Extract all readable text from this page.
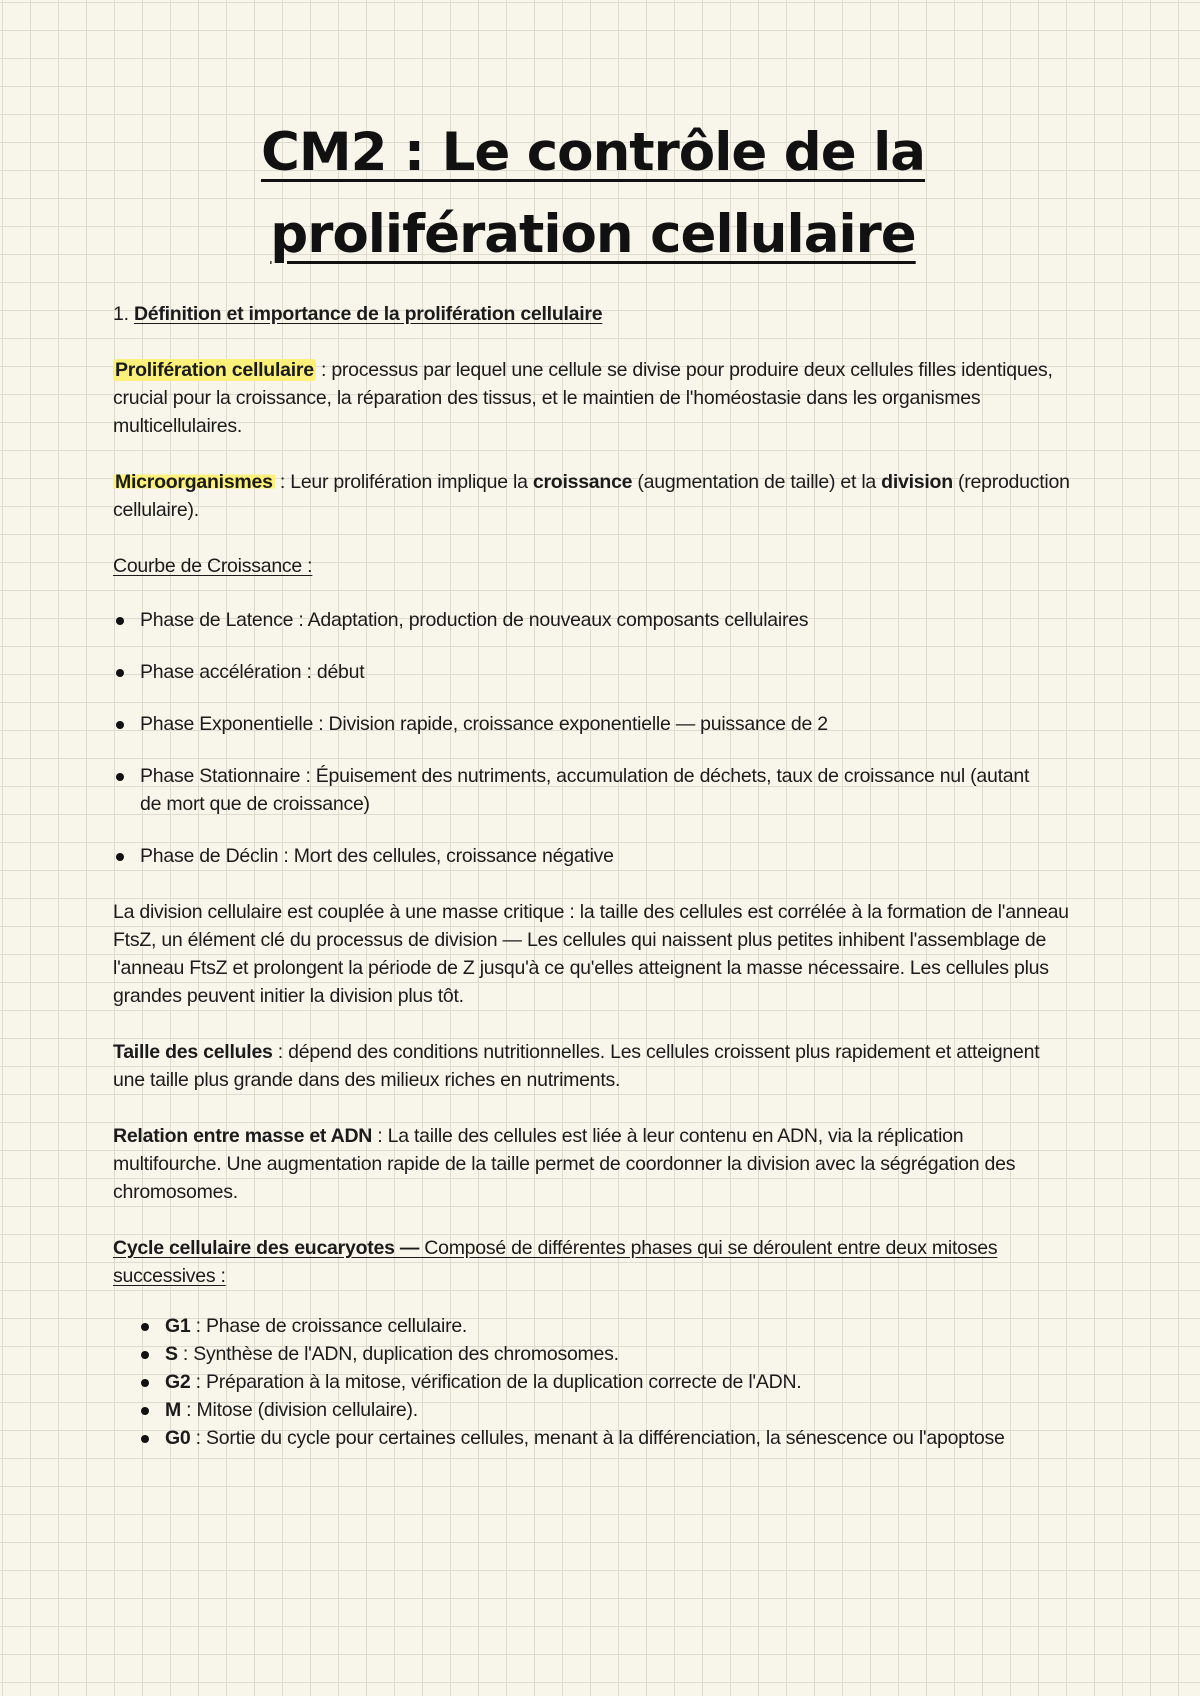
CM2 : Le contrôle de la
prolifération cellulaire

1. Définition et importance de la prolifération cellulaire

Prolifération cellulaire : processus par lequel une cellule se divise pour produire deux cellules filles identiques, crucial pour la croissance, la réparation des tissus, et le maintien de l'homéostasie dans les organismes multicellulaires.

Microorganismes : Leur prolifération implique la croissance (augmentation de taille) et la division (reproduction cellulaire).

Courbe de Croissance :

Phase de Latence : Adaptation, production de nouveaux composants cellulaires
Phase accélération : début
Phase Exponentielle : Division rapide, croissance exponentielle — puissance de 2
Phase Stationnaire : Épuisement des nutriments, accumulation de déchets, taux de croissance nul (autant de mort que de croissance)
Phase de Déclin : Mort des cellules, croissance négative

La division cellulaire est couplée à une masse critique : la taille des cellules est corrélée à la formation de l'anneau FtsZ, un élément clé du processus de division — Les cellules qui naissent plus petites inhibent l'assemblage de l'anneau FtsZ et prolongent la période de Z jusqu'à ce qu'elles atteignent la masse nécessaire. Les cellules plus grandes peuvent initier la division plus tôt.

Taille des cellules : dépend des conditions nutritionnelles. Les cellules croissent plus rapidement et atteignent une taille plus grande dans des milieux riches en nutriments.

Relation entre masse et ADN : La taille des cellules est liée à leur contenu en ADN, via la réplication multifourche. Une augmentation rapide de la taille permet de coordonner la division avec la ségrégation des chromosomes.

Cycle cellulaire des eucaryotes — Composé de différentes phases qui se déroulent entre deux mitoses successives :

G1 : Phase de croissance cellulaire.
S : Synthèse de l'ADN, duplication des chromosomes.
G2 : Préparation à la mitose, vérification de la duplication correcte de l'ADN.
M : Mitose (division cellulaire).
G0 : Sortie du cycle pour certaines cellules, menant à la différenciation, la sénescence ou l'apoptose
